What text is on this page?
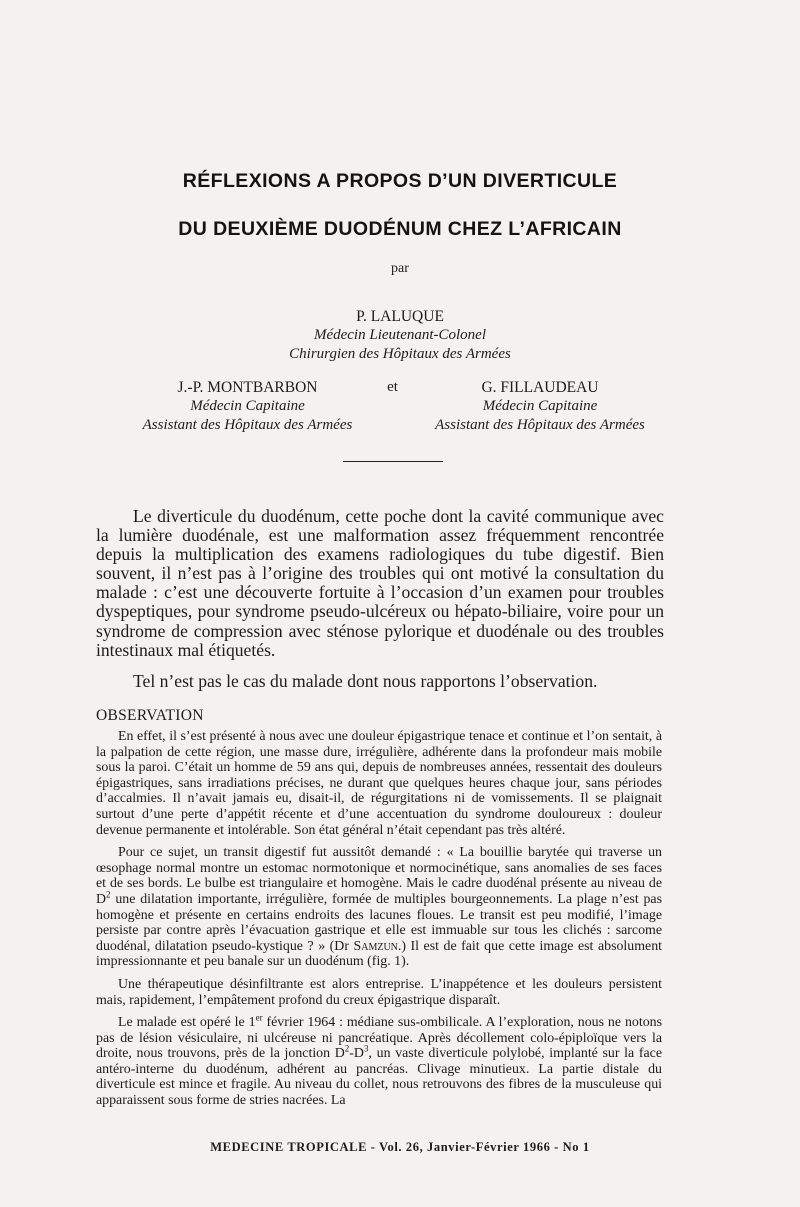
RÉFLEXIONS A PROPOS D’UN DIVERTICULE
DU DEUXIÈME DUODÉNUM CHEZ L’AFRICAIN
par
P. LALUQUE
Médecin Lieutenant-Colonel
Chirurgien des Hôpitaux des Armées
J.-P. MONTBARBON
Médecin Capitaine
Assistant des Hôpitaux des Armées
et	G. FILLAUDEAU
Médecin Capitaine
Assistant des Hôpitaux des Armées

Le diverticule du duodénum, cette poche dont la cavité communique avec la lumière duodénale, est une malformation assez fréquemment rencontrée depuis la multiplication des examens radiologiques du tube digestif. Bien souvent, il n’est pas à l’origine des troubles qui ont motivé la consultation du malade : c’est une découverte fortuite à l’occasion d’un examen pour troubles dyspeptiques, pour syndrome pseudo-ulcéreux ou hépato-biliaire, voire pour un syndrome de compression avec sténose pylorique et duodénale ou des troubles intestinaux mal étiquetés.

Tel n’est pas le cas du malade dont nous rapportons l’observation.

OBSERVATION

En effet, il s’est présenté à nous avec une douleur épigastrique tenace et continue et l’on sentait, à la palpation de cette région, une masse dure, irrégulière, adhérente dans la profondeur mais mobile sous la paroi. C’était un homme de 59 ans qui, depuis de nombreuses années, ressentait des douleurs épigastriques, sans irradiations précises, ne durant que quelques heures chaque jour, sans périodes d’accalmies. Il n’avait jamais eu, disait-il, de régurgitations ni de vomissements. Il se plaignait surtout d’une perte d’appétit récente et d’une accentuation du syndrome douloureux : douleur devenue permanente et intolérable. Son état général n’était cependant pas très altéré.

Pour ce sujet, un transit digestif fut aussitôt demandé : « La bouillie barytée qui traverse un œsophage normal montre un estomac normotonique et normocinétique, sans anomalies de ses faces et de ses bords. Le bulbe est triangulaire et homogène. Mais le cadre duodénal présente au niveau de $D^2$ une dilatation importante, irrégulière, formée de multiples bourgeonnements. La plage n’est pas homogène et présente en certains endroits des lacunes floues. Le transit est peu modifié, l’image persiste par contre après l’évacuation gastrique et elle est immuable sur tous les clichés : sarcome duodénal, dilatation pseudo-kystique ? » (Dr Samzun.) Il est de fait que cette image est absolument impressionnante et peu banale sur un duodénum (fig. 1).

Une thérapeutique désinfiltrante est alors entreprise. L’inappétence et les douleurs persistent mais, rapidement, l’empâtement profond du creux épigastrique disparaît.

Le malade est opéré le 1er février 1964 : médiane sus-ombilicale. A l’exploration, nous ne notons pas de lésion vésiculaire, ni ulcéreuse ni pancréatique. Après décollement colo-épiploïque vers la droite, nous trouvons, près de la jonction $D^2-D^3$, un vaste diverticule polylobé, implanté sur la face antéro-interne du duodénum, adhérent au pancréas. Clivage minutieux. La partie distale du diverticule est mince et fragile. Au niveau du collet, nous retrouvons des fibres de la musculeuse qui apparaissent sous forme de stries nacrées. La

MEDECINE TROPICALE - Vol. 26, Janvier-Février 1966 - No 1
